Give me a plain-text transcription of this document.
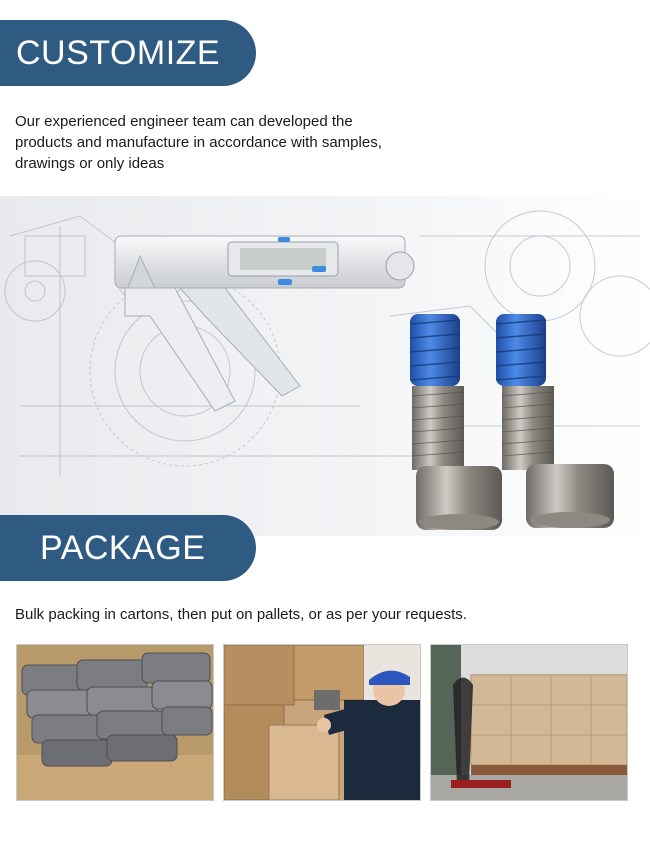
CUSTOMIZE
Our experienced engineer team can developed the products and manufacture in accordance with samples, drawings or only ideas
PACKAGE
Bulk packing in cartons, then put on pallets, or as per your requests.
